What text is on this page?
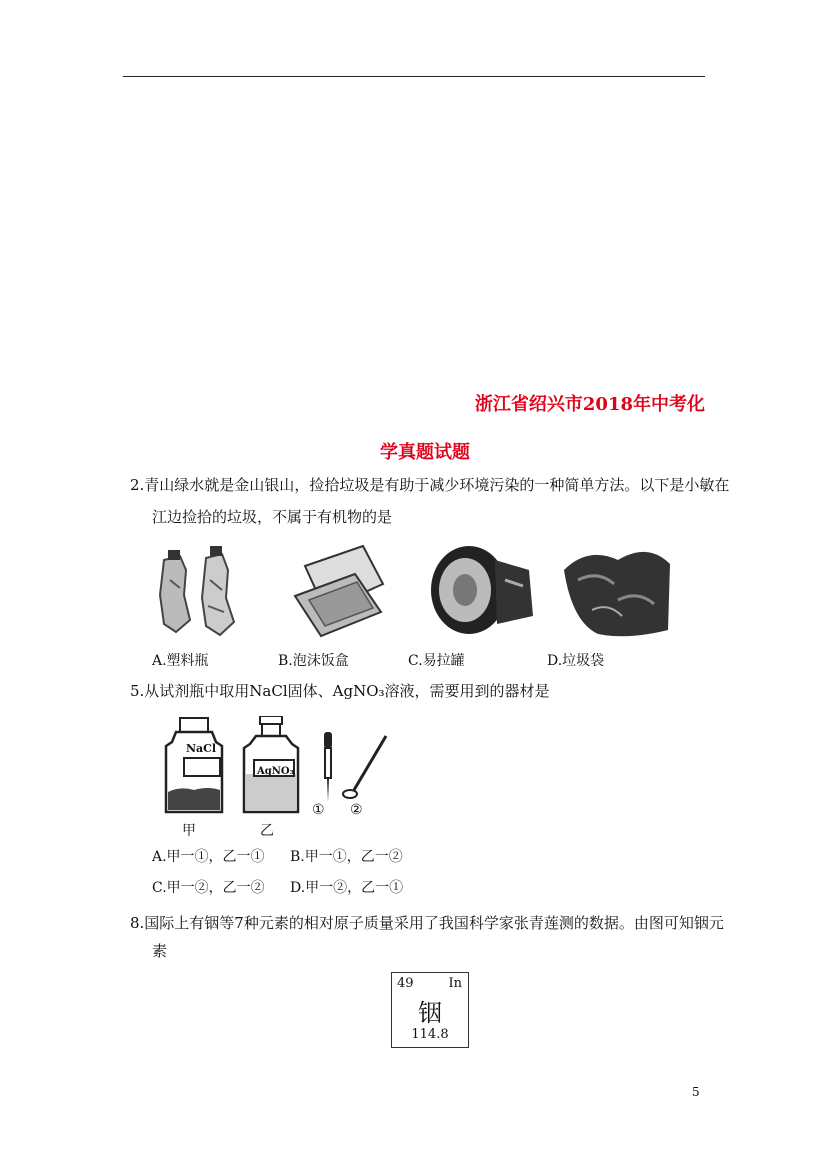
浙江省绍兴市2018年中考化
学真题试题
2.青山绿水就是金山银山，捡拾垃圾是有助于减少环境污染的一种简单方法。以下是小敏在
江边捡拾的垃圾，不属于有机物的是
A.塑料瓶	B.泡沫饭盒	C.易拉罐	D.垃圾袋
5.从试剂瓶中取用NaCl固体、AgNO₃溶液，需要用到的器材是
NaCl
甲
AgNO₃
乙
① ②
A.甲一①，乙一① B.甲一①，乙一②
C.甲一②，乙一② D.甲一②，乙一①
8.国际上有铟等7种元素的相对原子质量采用了我国科学家张青莲测的数据。由图可知铟元
素
49	In
铟
114.8
5
